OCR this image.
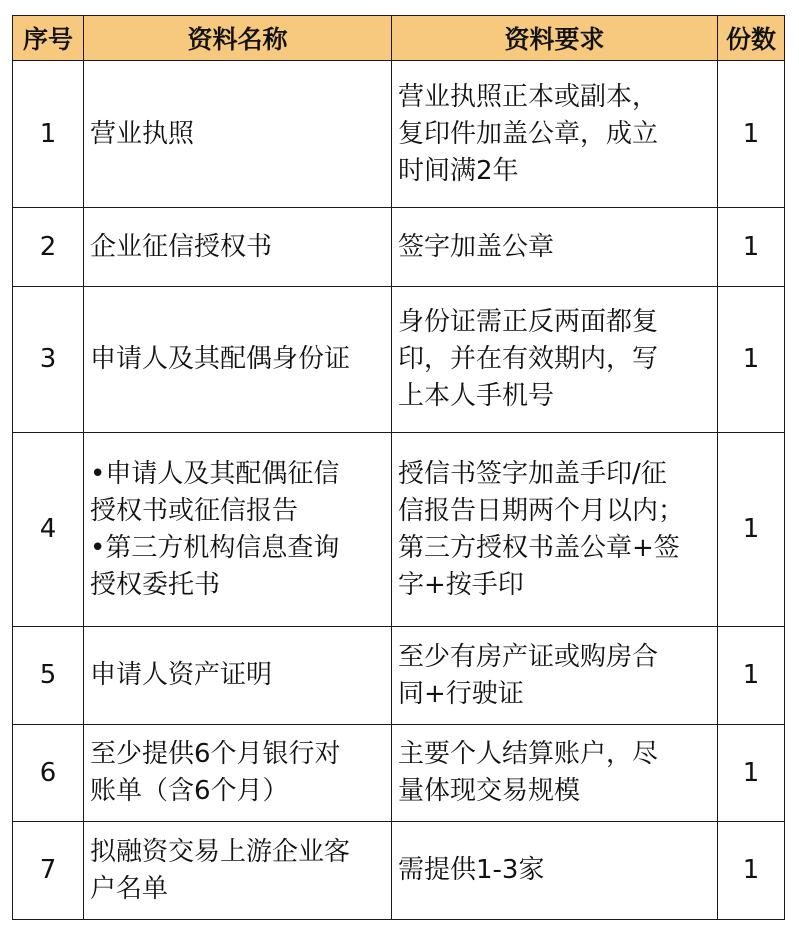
序号	资料名称	资料要求	份数
1	营业执照	营业执照正本或副本，
复印件加盖公章，成立
时间满2年	1
2	企业征信授权书	签字加盖公章	1
3	申请人及其配偶身份证	身份证需正反两面都复
印，并在有效期内，写
上本人手机号	1
4	•申请人及其配偶征信
授权书或征信报告
•第三方机构信息查询
授权委托书	授信书签字加盖手印/征
信报告日期两个月以内；
第三方授权书盖公章+签
字+按手印	1
5	申请人资产证明	至少有房产证或购房合
同+行驶证	1
6	至少提供6个月银行对
账单（含6个月）	主要个人结算账户，尽
量体现交易规模	1
7	拟融资交易上游企业客
户名单	需提供1-3家	1
